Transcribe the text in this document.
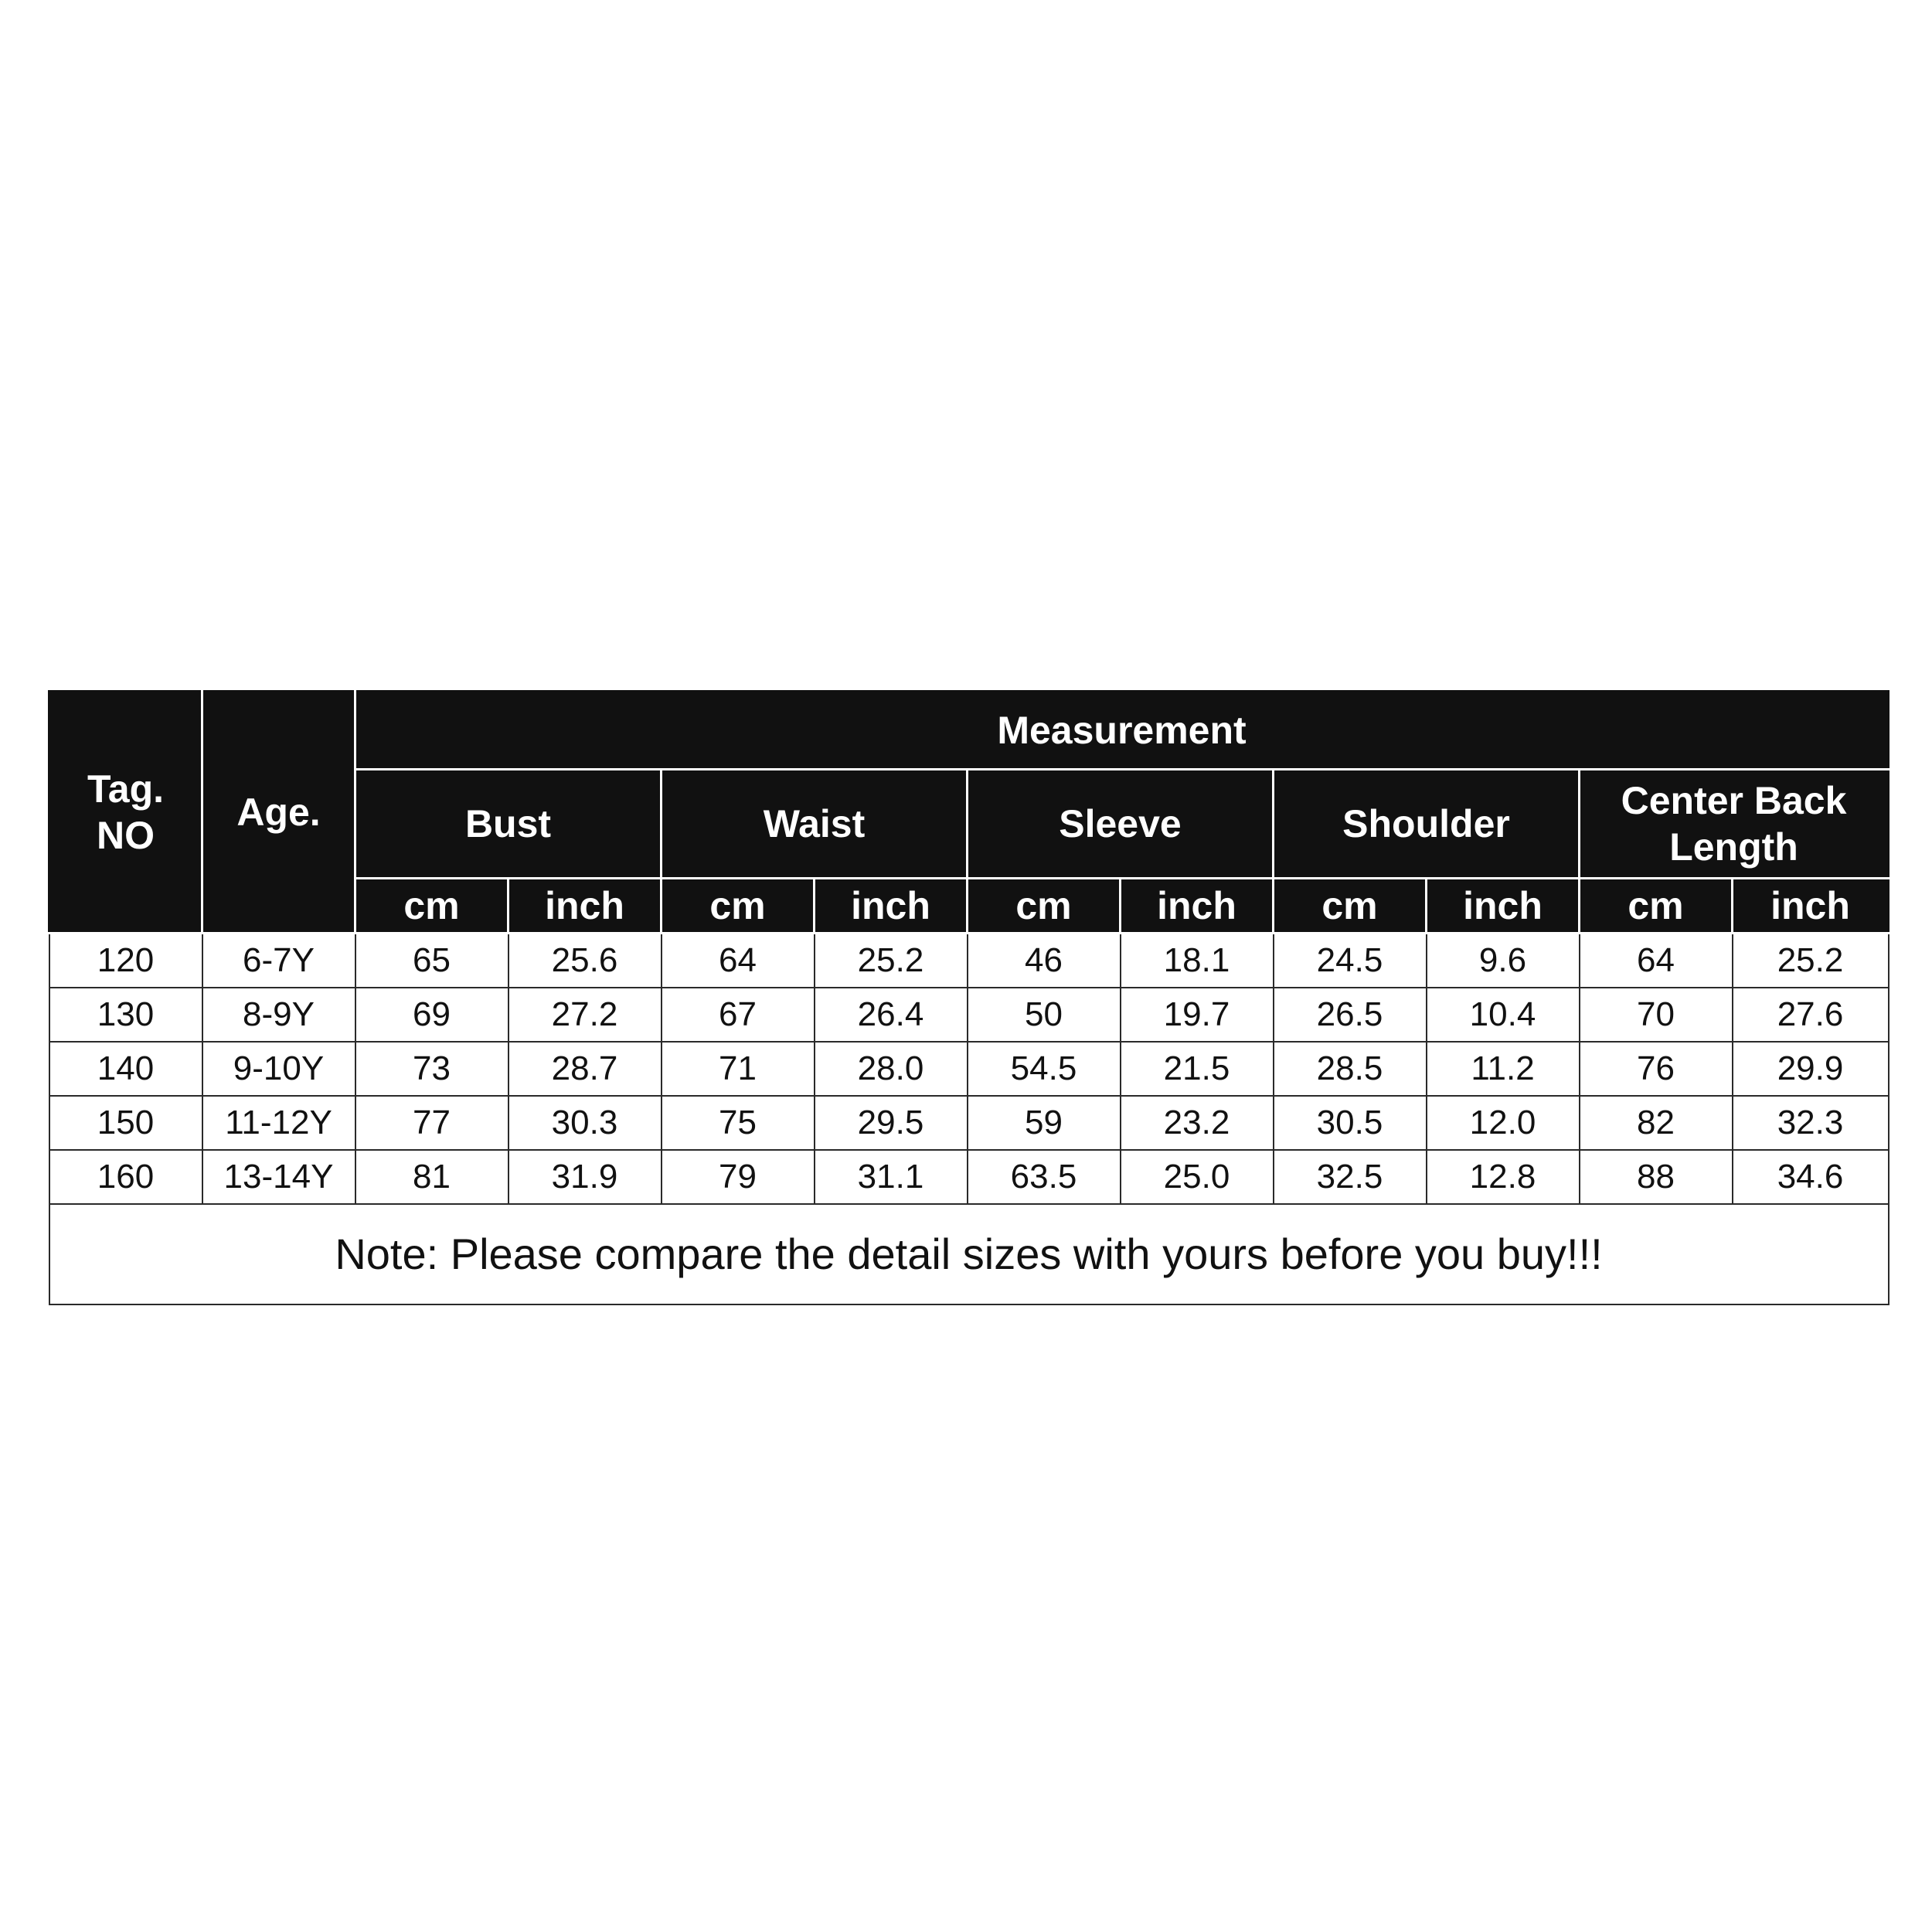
Tag. NO	Age.	Measurement									
		Bust		Waist		Sleeve		Shoulder		Center Back Length	
		cm	inch	cm	inch	cm	inch	cm	inch	cm	inch
120	6-7Y	65	25.6	64	25.2	46	18.1	24.5	9.6	64	25.2
130	8-9Y	69	27.2	67	26.4	50	19.7	26.5	10.4	70	27.6
140	9-10Y	73	28.7	71	28.0	54.5	21.5	28.5	11.2	76	29.9
150	11-12Y	77	30.3	75	29.5	59	23.2	30.5	12.0	82	32.3
160	13-14Y	81	31.9	79	31.1	63.5	25.0	32.5	12.8	88	34.6
Note: Please compare the detail sizes with yours before you buy!!!											
